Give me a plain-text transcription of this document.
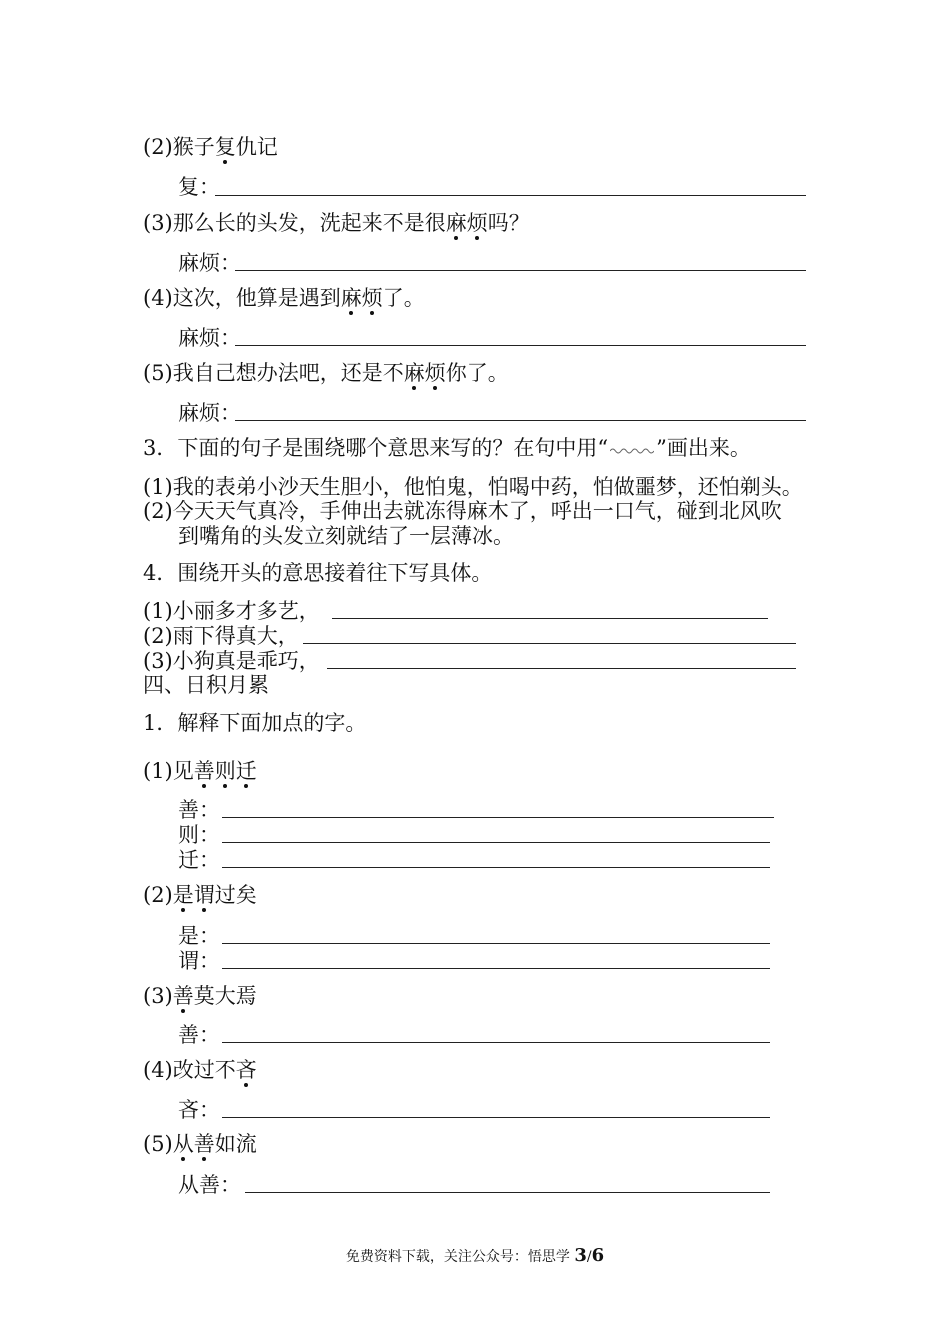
(2)猴子复仇记
复：
(3)那么长的头发，洗起来不是很麻烦吗？
麻烦：
(4)这次，他算是遇到麻烦了。
麻烦：
(5)我自己想办法吧，还是不麻烦你了。
麻烦：
3．下面的句子是围绕哪个意思来写的？在句中用“ ”画出来。
(1)我的表弟小沙天生胆小，他怕鬼，怕喝中药，怕做噩梦，还怕剃头。
(2)今天天气真冷，手伸出去就冻得麻木了，呼出一口气，碰到北风吹
到嘴角的头发立刻就结了一层薄冰。
4．围绕开头的意思接着往下写具体。
(1)小丽多才多艺，
(2)雨下得真大，
(3)小狗真是乖巧，
四、日积月累
1．解释下面加点的字。
(1)见善则迁
善：
则：
迁：
(2)是谓过矣
是：
谓：
(3)善莫大焉
善：
(4)改过不吝
吝：
(5)从善如流
从善：
免费资料下载，关注公众号：悟思学 3/6
